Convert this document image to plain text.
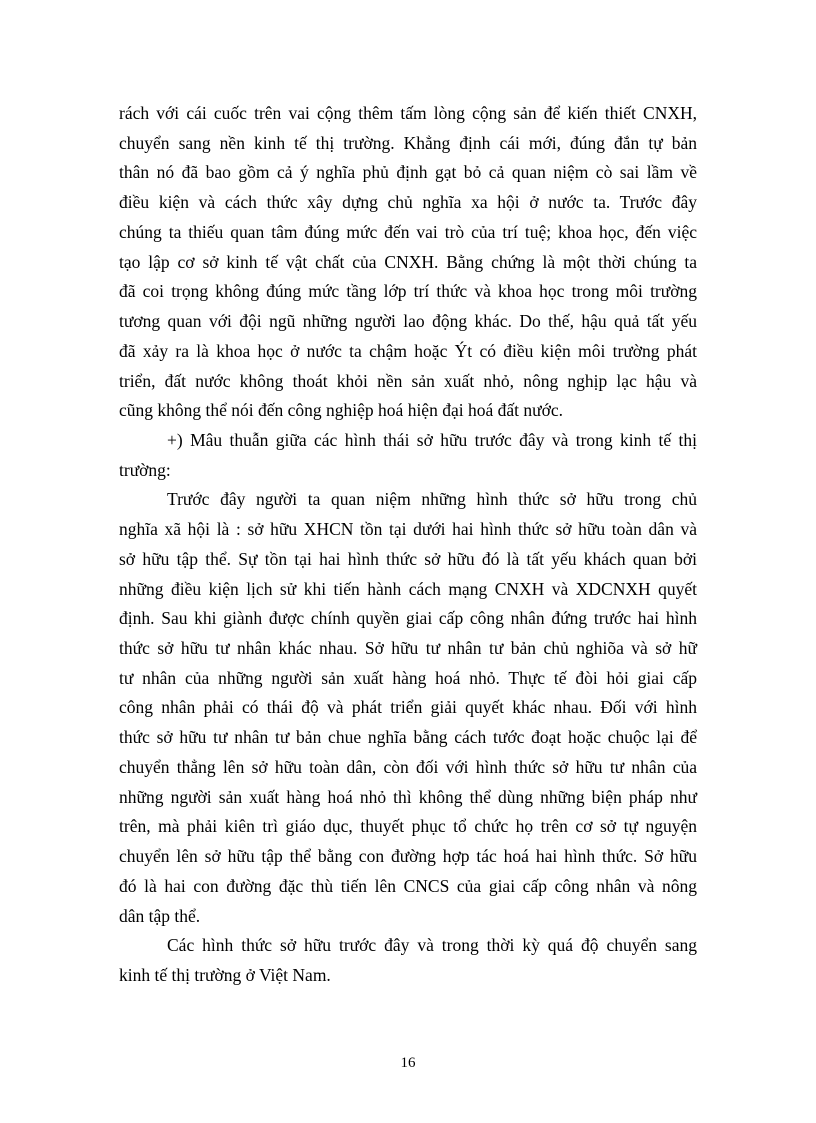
rách với cái cuốc trên vai cộng thêm tấm lòng cộng sản để kiến thiết CNXH,
chuyển sang nền kinh tế thị trường. Khẳng định cái mới, đúng đắn tự bản
thân nó đã bao gồm cả ý nghĩa phủ định gạt bỏ cả quan niệm cò sai lầm về
điều kiện và cách thức xây dựng chủ nghĩa xa hội ở nước ta. Trước đây
chúng ta thiếu quan tâm đúng mức đến vai trò của trí tuệ; khoa học, đến việc
tạo lập cơ sở kinh tế vật chất của CNXH. Bằng chứng là một thời chúng ta
đã coi trọng không đúng mức tầng lớp trí thức và khoa học trong môi trường
tương quan với đội ngũ những người lao động khác. Do thế, hậu quả tất yếu
đã xảy ra là khoa học ở nước ta chậm hoặc Ýt có điều kiện môi trường phát
triển, đất nước không thoát khỏi nền sản xuất nhỏ, nông nghịp lạc hậu và
cũng không thể nói đến công nghiệp hoá hiện đại hoá đất nước.
+) Mâu thuẫn giữa các hình thái sở hữu trước đây và trong kinh tế thị
trường:
Trước đây người ta quan niệm những hình thức sở hữu trong chủ
nghĩa xã hội là : sở hữu XHCN tồn tại dưới hai hình thức sở hữu toàn dân và
sở hữu tập thể. Sự tồn tại hai hình thức sở hữu đó là tất yếu khách quan bởi
những điều kiện lịch sử khi tiến hành cách mạng CNXH và XDCNXH quyết
định. Sau khi giành được chính quyền giai cấp công nhân đứng trước hai hình
thức sở hữu tư nhân khác nhau. Sở hữu tư nhân tư bản chủ nghiõa và sở hữ
tư nhân của những người sản xuất hàng hoá nhỏ. Thực tế đòi hỏi giai cấp
công nhân phải có thái độ và phát triển giải quyết khác nhau. Đối với hình
thức sở hữu tư nhân tư bản chue nghĩa bằng cách tước đoạt hoặc chuộc lại để
chuyển thẳng lên sở hữu toàn dân, còn đối với hình thức sở hữu tư nhân của
những người sản xuất hàng hoá nhỏ thì không thể dùng những biện pháp như
trên, mà phải kiên trì giáo dục, thuyết phục tổ chức họ trên cơ sở tự nguyện
chuyển lên sở hữu tập thể bằng con đường hợp tác hoá hai hình thức. Sở hữu
đó là hai con đường đặc thù tiến lên CNCS của giai cấp công nhân và nông
dân tập thể.
Các hình thức sở hữu trước đây và trong thời kỳ quá độ chuyển sang
kinh tế thị trường ở Việt Nam.
16
